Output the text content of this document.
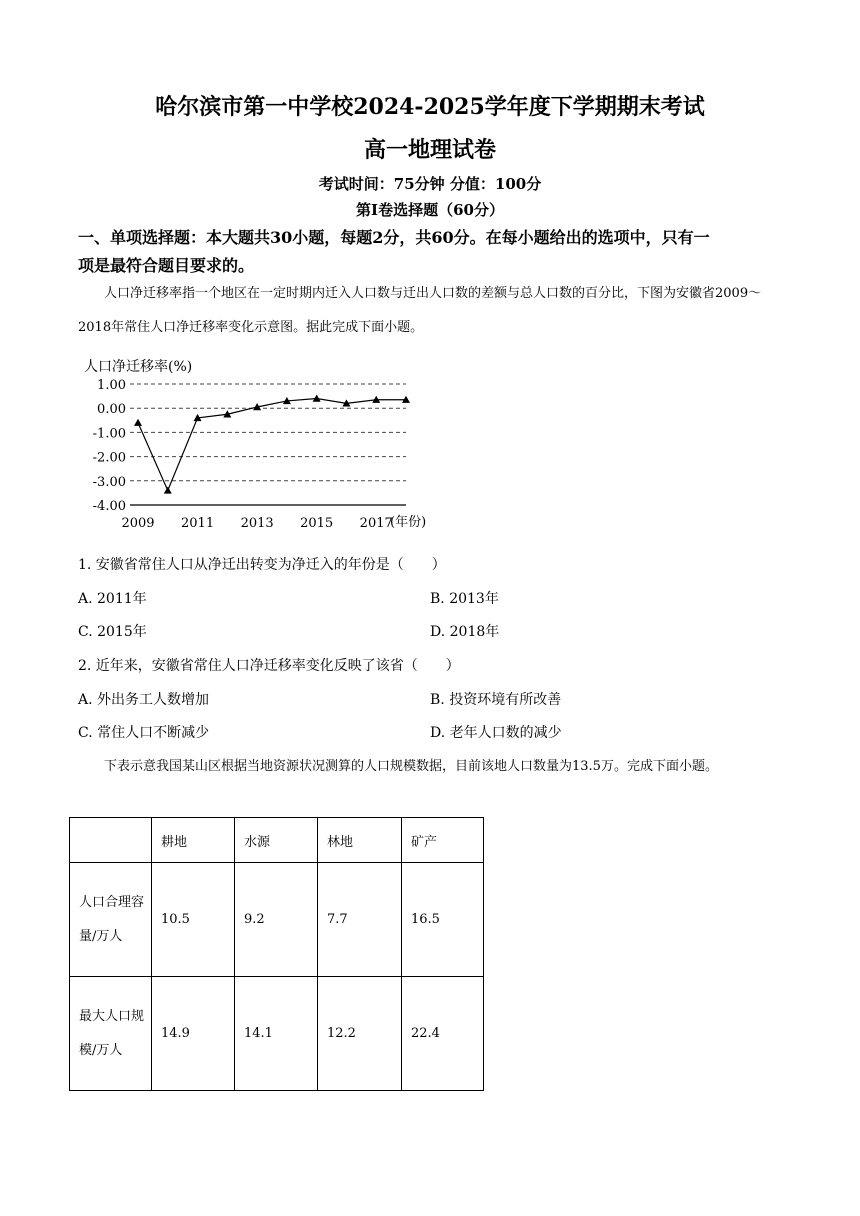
哈尔滨市第一中学校2024-2025学年度下学期期末考试
高一地理试卷
考试时间：75分钟 分值：100分
第Ⅰ卷选择题（60分）
一、单项选择题：本大题共30小题，每题2分，共60分。在每小题给出的选项中，只有一
项是最符合题目要求的。
人口净迁移率指一个地区在一定时期内迁入人口数与迁出人口数的差额与总人口数的百分比，下图为安徽省2009～2018年常住人口净迁移率变化示意图。据此完成下面小题。
1.00
0.00
-1.00
-2.00
-3.00
-4.00
2009 2011 2013 2015 2017
人口净迁移率(%)
(年份)
1. 安徽省常住人口从净迁出转变为净迁入的年份是（　　）
A. 2011年	B. 2013年
C. 2015年	D. 2018年
2. 近年来，安徽省常住人口净迁移率变化反映了该省（　　）
A. 外出务工人数增加	B. 投资环境有所改善
C. 常住人口不断减少	D. 老年人口数的减少
下表示意我国某山区根据当地资源状况测算的人口规模数据，目前该地人口数量为13.5万。完成下面小题。
	耕地	水源	林地	矿产
人口合理容量/万人	10.5	9.2	7.7	16.5
最大人口规模/万人	14.9	14.1	12.2	22.4
